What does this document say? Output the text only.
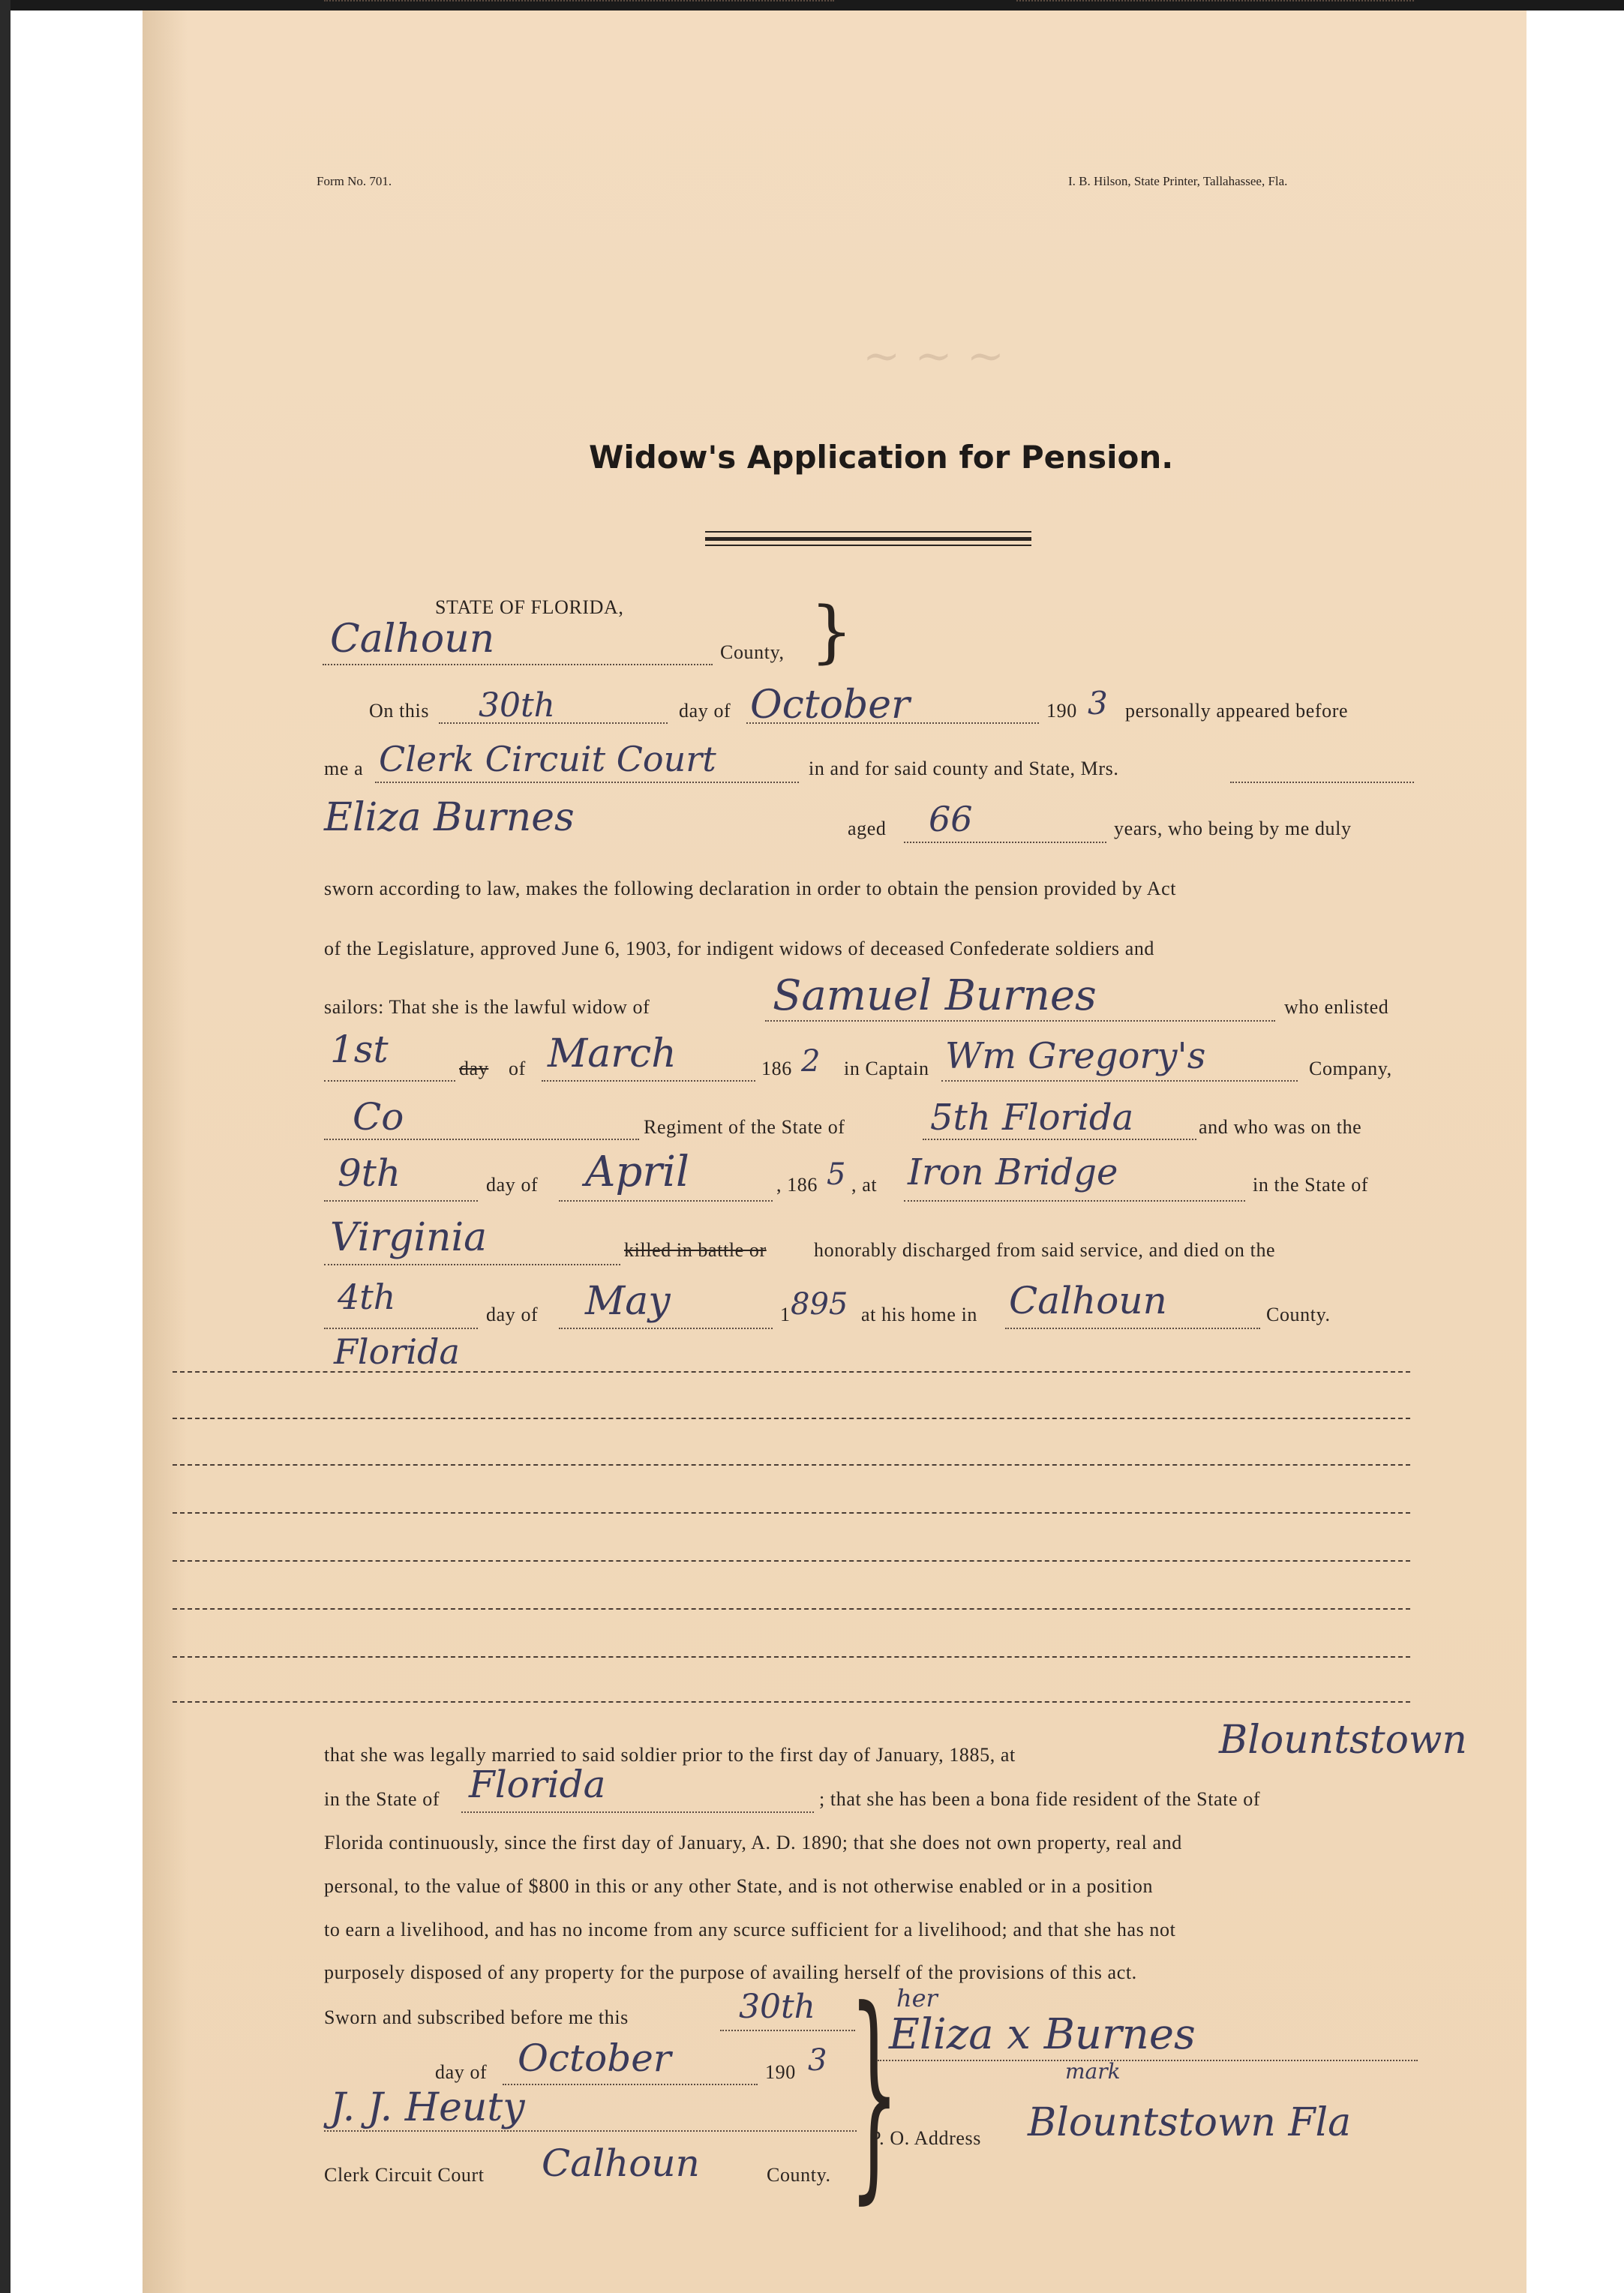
~ ~ ~
Form No. 701.	I. B. Hilson, State Printer, Tallahassee, Fla.
Widow's Application for Pension.
STATE OF FLORIDA,
Calhoun	County, }
On this 30th	day of October	190 3 personally appeared before
me a Clerk Circuit Court	in and for said county and State, Mrs.
Eliza Burnes	aged 66	years, who being by me duly
sworn according to law, makes the following declaration in order to obtain the pension provided by Act
of the Legislature, approved June 6, 1903, for indigent widows of deceased Confederate soldiers and
sailors: That she is the lawful widow of	Samuel Burnes	who enlisted
1st	day of March	186 2 in Captain Wm Gregory's	Company,
Co	Regiment of the State of 5th Florida	and who was on the
9th	day of April	, 186 5 , at Iron Bridge	in the State of
Virginia	killed in battle or honorably discharged from said service, and died on the
4th	day of May	1 895 at his home in Calhoun	County.
Florida
that she was legally married to said soldier prior to the first day of January, 1885, at	Blountstown
in the State of Florida	; that she has been a bona fide resident of the State of
Florida continuously, since the first day of January, A. D. 1890; that she does not own property, real and
personal, to the value of $800 in this or any other State, and is not otherwise enabled or in a position
to earn a livelihood, and has no income from any scurce sufficient for a livelihood; and that she has not
purposely disposed of any property for the purpose of availing herself of the provisions of this act.
Sworn and subscribed before me this	30th
day of October	190 3
J. J. Heuty
Clerk Circuit Court Calhoun	County. }
her
Eliza x Burnes
mark
P. O. Address Blountstown Fla
